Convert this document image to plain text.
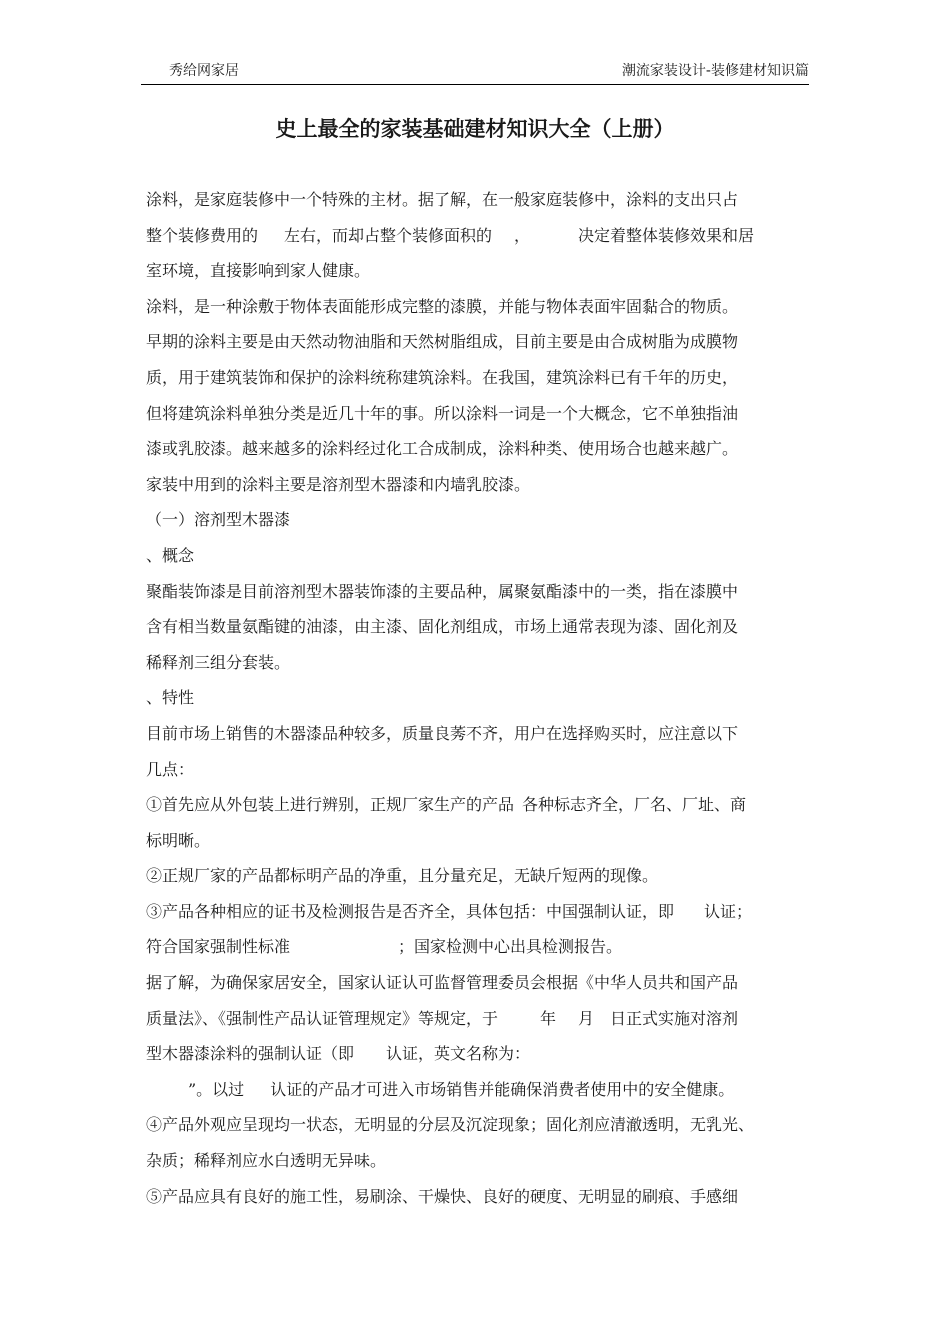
秀给网家居	潮流家装设计-装修建材知识篇
史上最全的家装基础建材知识大全（上册）
涂料，是家庭装修中一个特殊的主材。据了解，在一般家庭装修中，涂料的支出只占
整个装修费用的 左右，而却占整个装修面积的 ，	决定着整体装修效果和居
室环境，直接影响到家人健康。
涂料，是一种涂敷于物体表面能形成完整的漆膜，并能与物体表面牢固黏合的物质。
早期的涂料主要是由天然动物油脂和天然树脂组成，目前主要是由合成树脂为成膜物
质，用于建筑装饰和保护的涂料统称建筑涂料。在我国，建筑涂料已有千年的历史，
但将建筑涂料单独分类是近几十年的事。所以涂料一词是一个大概念，它不单独指油
漆或乳胶漆。越来越多的涂料经过化工合成制成，涂料种类、使用场合也越来越广。
家装中用到的涂料主要是溶剂型木器漆和内墙乳胶漆。
（一）溶剂型木器漆
、概念
聚酯装饰漆是目前溶剂型木器装饰漆的主要品种，属聚氨酯漆中的一类，指在漆膜中
含有相当数量氨酯键的油漆，由主漆、固化剂组成，市场上通常表现为漆、固化剂及
稀释剂三组分套装。
、特性
目前市场上销售的木器漆品种较多，质量良莠不齐，用户在选择购买时，应注意以下
几点：
①首先应从外包装上进行辨别，正规厂家生产的产品 各种标志齐全，厂名、厂址、商
标明晰。
②正规厂家的产品都标明产品的净重，且分量充足，无缺斤短两的现像。
③产品各种相应的证书及检测报告是否齐全，具体包括：中国强制认证，即 认证；
符合国家强制性标准	；国家检测中心出具检测报告。
据了解，为确保家居安全，国家认证认可监督管理委员会根据《中华人员共和国产品
质量法》、《强制性产品认证管理规定》等规定，于	年 月 日正式实施对溶剂
型木器漆涂料的强制认证（即 认证，英文名称为：
”。以过 认证的产品才可进入市场销售并能确保消费者使用中的安全健康。
④产品外观应呈现均一状态，无明显的分层及沉淀现象；固化剂应清澈透明，无乳光、
杂质；稀释剂应水白透明无异味。
⑤产品应具有良好的施工性，易刷涂、干燥快、良好的硬度、无明显的刷痕、手感细
